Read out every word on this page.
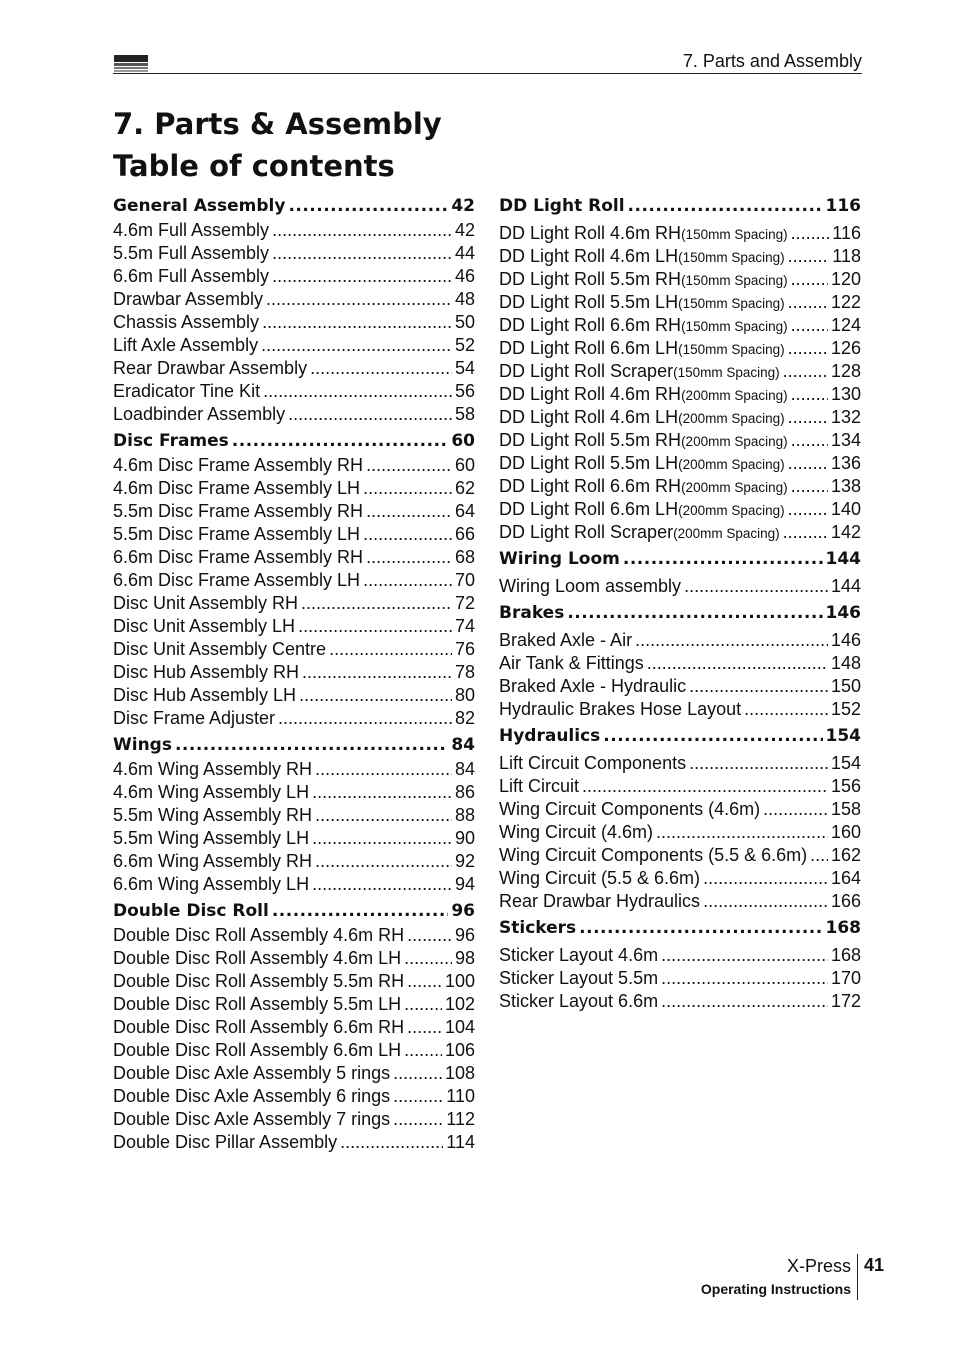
7. Parts and Assembly
7. Parts & Assembly
Table of contents
General Assembly .....	42
4.6m Full Assembly .....	42
5.5m Full Assembly .....	44
6.6m Full Assembly .....	46
Drawbar Assembly .....	48
Chassis Assembly .....	50
Lift Axle Assembly .....	52
Rear Drawbar Assembly .....	54
Eradicator Tine Kit .....	56
Loadbinder Assembly .....	58
Disc Frames .....	60
4.6m Disc Frame Assembly RH .....	60
4.6m Disc Frame Assembly LH .....	62
5.5m Disc Frame Assembly RH .....	64
5.5m Disc Frame Assembly LH .....	66
6.6m Disc Frame Assembly RH .....	68
6.6m Disc Frame Assembly LH .....	70
Disc Unit Assembly RH .....	72
Disc Unit Assembly LH .....	74
Disc Unit Assembly Centre .....	76
Disc Hub Assembly RH .....	78
Disc Hub Assembly LH .....	80
Disc Frame Adjuster .....	82
Wings .....	84
4.6m Wing Assembly RH .....	84
4.6m Wing Assembly LH .....	86
5.5m Wing Assembly RH .....	88
5.5m Wing Assembly LH .....	90
6.6m Wing Assembly RH .....	92
6.6m Wing Assembly LH .....	94
Double Disc Roll .....	96
Double Disc Roll Assembly 4.6m RH .....	96
Double Disc Roll Assembly 4.6m LH .....	98
Double Disc Roll Assembly 5.5m RH ..... 100
Double Disc Roll Assembly 5.5m LH ..... 102
Double Disc Roll Assembly 6.6m RH ..... 104
Double Disc Roll Assembly 6.6m LH ..... 106
Double Disc Axle Assembly 5 rings .....	108
Double Disc Axle Assembly 6 rings .....	110
Double Disc Axle Assembly 7 rings .....	112
Double Disc Pillar Assembly .....	114
DD Light Roll .....	116
DD Light Roll 4.6m RH (150mm Spacing) ..... 116
DD Light Roll 4.6m LH (150mm Spacing) .....	118
DD Light Roll 5.5m RH (150mm Spacing) ..... 120
DD Light Roll 5.5m LH (150mm Spacing) .....	122
DD Light Roll 6.6m RH (150mm Spacing) ..... 124
DD Light Roll 6.6m LH (150mm Spacing) .....	126
DD Light Roll Scraper (150mm Spacing) .....	128
DD Light Roll 4.6m RH (200mm Spacing) ..... 130
DD Light Roll 4.6m LH (200mm Spacing) .....	132
DD Light Roll 5.5m RH (200mm Spacing) ..... 134
DD Light Roll 5.5m LH (200mm Spacing) .....	136
DD Light Roll 6.6m RH (200mm Spacing) ..... 138
DD Light Roll 6.6m LH (200mm Spacing) .....	140
DD Light Roll Scraper (200mm Spacing) .....	142
Wiring Loom .....	144
Wiring Loom assembly .....	144
Brakes .....	146
Braked Axle - Air .....	146
Air Tank & Fittings .....	148
Braked Axle - Hydraulic .....	150
Hydraulic Brakes Hose Layout .....	152
Hydraulics .....	154
Lift Circuit Components .....	154
Lift Circuit .....	156
Wing Circuit Components (4.6m) .....	158
Wing Circuit (4.6m) .....	160
Wing Circuit Components (5.5 & 6.6m) ..... 162
Wing Circuit (5.5 & 6.6m) .....	164
Rear Drawbar Hydraulics .....	166
Stickers .....	168
Sticker Layout 4.6m .....	168
Sticker Layout 5.5m .....	170
Sticker Layout 6.6m .....	172
X-Press
Operating Instructions
41
